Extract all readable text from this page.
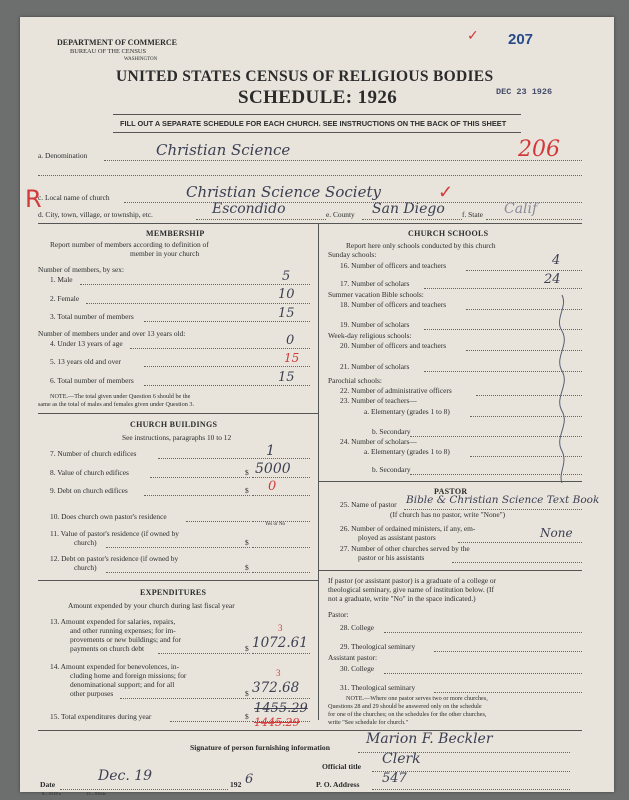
DEPARTMENT OF COMMERCE
BUREAU OF THE CENSUS
WASHINGTON
207
✓
UNITED STATES CENSUS OF RELIGIOUS BODIES
SCHEDULE: 1926	DEC 23 1926
FILL OUT A SEPARATE SCHEDULE FOR EACH CHURCH. SEE INSTRUCTIONS ON THE BACK OF THIS SHEET
a. Denomination	Christian Science	206
R
c. Local name of church	Christian Science Society
d. City, town, village, or township, etc.	Escondido	e. County San Diego
✓
f. State Calif
MEMBERSHIP
Report number of members according to definition of
member in your church
Number of members, by sex:
1. Male	5
2. Female	10
3. Total number of members	15
Number of members under and over 13 years old:
4. Under 13 years of age	0
5. 13 years old and over	15
6. Total number of members	15
NOTE.—The total given under Question 6 should be the
same as the total of males and females given under Question 3.
CHURCH BUILDINGS
See instructions, paragraphs 10 to 12
7. Number of church edifices	1
8. Value of church edifices	$ 5000
9. Debt on church edifices	$ 0
10. Does church own pastor's residence
Yes or No
11. Value of pastor's residence (if owned by
church)	$
12. Debt on pastor's residence (if owned by
church)	$
EXPENDITURES
Amount expended by your church during last fiscal year
13. Amount expended for salaries, repairs,
and other running expenses; for im-
provements or new buildings; and for
payments on church debt	$ 1072.61
3
14. Amount expended for benevolences, in-
cluding home and foreign missions; for
denominational support; and for all
other purposes	$ 372.68
3
15. Total expenditures during year	$
1455.29
1445.29
CHURCH SCHOOLS
Report here only schools conducted by this church
Sunday schools:
16. Number of officers and teachers	4
17. Number of scholars	24
Summer vacation Bible schools:
18. Number of officers and teachers
19. Number of scholars
Week-day religious schools:
20. Number of officers and teachers
21. Number of scholars
Parochial schools:
22. Number of administrative officers
23. Number of teachers—
a. Elementary (grades 1 to 8)
b. Secondary
24. Number of scholars—
a. Elementary (grades 1 to 8)
b. Secondary
PASTOR
25. Name of pastor Bible & Christian Science Text Book
(If church has no pastor, write "None")
26. Number of ordained ministers, if any, em-
ployed as assistant pastors	None
27. Number of other churches served by the
pastor or his assistants
If pastor (or assistant pastor) is a graduate of a college or
theological seminary, give name of institution below. (If
not a graduate, write "No" in the space indicated.)
Pastor:
28. College
29. Theological seminary
Assistant pastor:
30. College
31. Theological seminary
NOTE.—Where one pastor serves two or more churches,
Questions 28 and 29 should be answered only on the schedule
for one of the churches; on the schedules for the other churches,
write "See schedule for church."
Signature of person furnishing information
Marion F. Beckler
Official title Clerk
Date
Dec. 19
192 6	P. O. Address 547
8—5518 a	11—9364c
